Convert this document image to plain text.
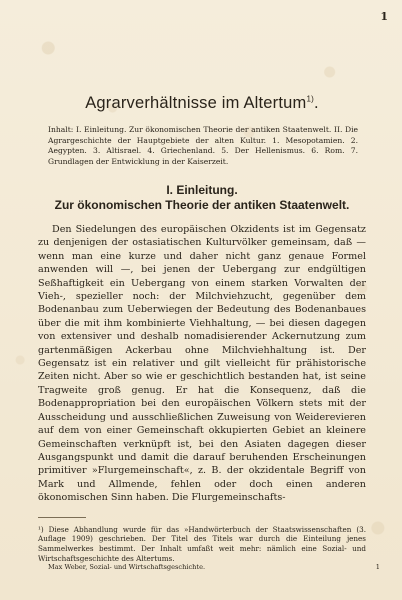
1
Agrarverhältnisse im Altertum$^{1)}$.

Inhalt: I. Einleitung. Zur ökonomischen Theorie der antiken Staatenwelt. II. Die Agrargeschichte der Hauptgebiete der alten Kultur. 1. Mesopotamien. 2. Aegypten. 3. Altisrael. 4. Griechenland. 5. Der Hellenismus. 6. Rom. 7. Grundlagen der Entwicklung in der Kaiserzeit.

I. Einleitung.
Zur ökonomischen Theorie der antiken Staatenwelt.

Den Siedelungen des europäischen Okzidents ist im Gegensatz zu denjenigen der ostasiatischen Kulturvölker gemeinsam, daß — wenn man eine kurze und daher nicht ganz genaue Formel anwenden will —, bei jenen der Uebergang zur endgültigen Seßhaftigkeit ein Uebergang von einem starken Vorwalten der Vieh-, spezieller noch: der Milchviehzucht, gegenüber dem Bodenanbau zum Ueberwiegen der Bedeutung des Bodenanbaues über die mit ihm kombinierte Viehhaltung, — bei diesen dagegen von extensiver und deshalb nomadisierender Ackernutzung zum gartenmäßigen Ackerbau ohne Milchviehhaltung ist. Der Gegensatz ist ein relativer und gilt vielleicht für prähistorische Zeiten nicht. Aber so wie er geschichtlich bestanden hat, ist seine Tragweite groß genug. Er hat die Konsequenz, daß die Bodenappropriation bei den europäischen Völkern stets mit der Ausscheidung und ausschließlichen Zuweisung von Weiderevieren auf dem von einer Gemeinschaft okkupierten Gebiet an kleinere Gemeinschaften verknüpft ist, bei den Asiaten dagegen dieser Ausgangspunkt und damit die darauf beruhenden Erscheinungen primitiver »Flurgemeinschaft«, z. B. der okzidentale Begriff von Mark und Allmende, fehlen oder doch einen anderen ökonomischen Sinn haben. Die Flurgemeinschafts-

¹) Diese Abhandlung wurde für das »Handwörterbuch der Staatswissenschaften (3. Auflage 1909) geschrieben. Der Titel des Titels war durch die Einteilung jenes Sammelwerkes bestimmt. Der Inhalt umfaßt weit mehr: nämlich eine Sozial- und Wirtschaftsgeschichte des Altertums.

Max Weber, Sozial- und Wirtschaftsgeschichte.	1
